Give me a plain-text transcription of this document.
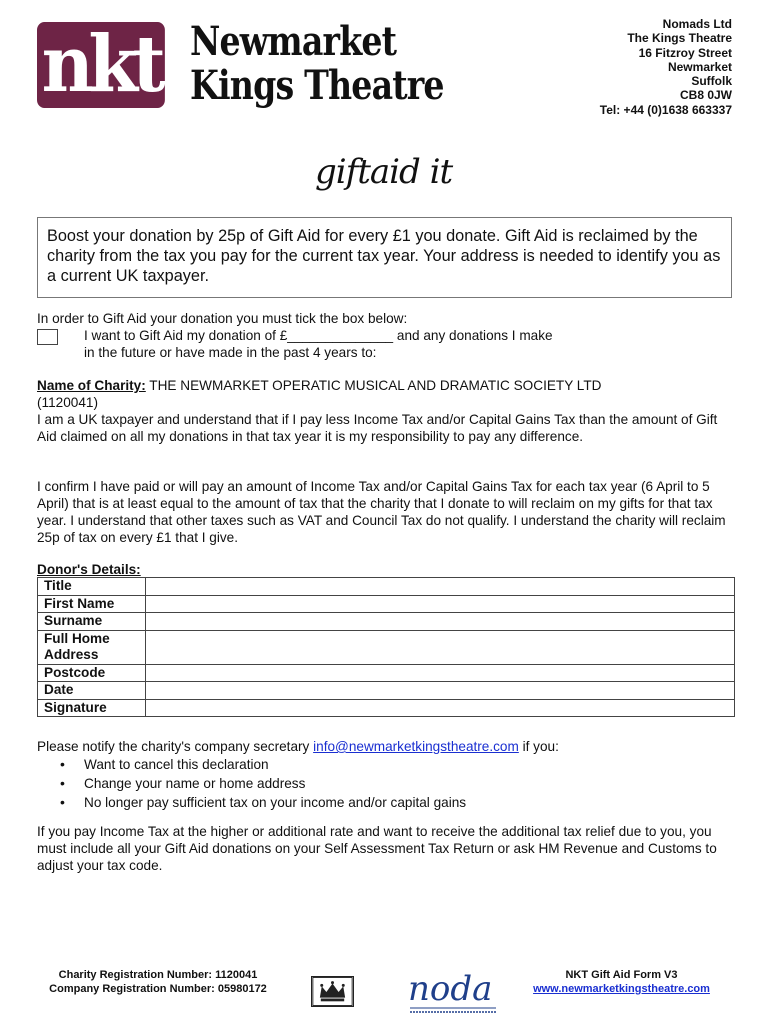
nkt Newmarket
Kings Theatre
Nomads Ltd
The Kings Theatre
16 Fitzroy Street
Newmarket
Suffolk
CB8 0JW
Tel: +44 (0)1638 663337
giftaid it
Boost your donation by 25p of Gift Aid for every £1 you donate. Gift Aid is reclaimed by the charity from the tax you pay for the current tax year. Your address is needed to identify you as a current UK taxpayer.
In order to Gift Aid your donation you must tick the box below:
I want to Gift Aid my donation of £______________ and any donations I make
in the future or have made in the past 4 years to:
Name of Charity: THE NEWMARKET OPERATIC MUSICAL AND DRAMATIC SOCIETY LTD
(1120041)
I am a UK taxpayer and understand that if I pay less Income Tax and/or Capital Gains Tax than the amount of Gift Aid claimed on all my donations in that tax year it is my responsibility to pay any difference.
I confirm I have paid or will pay an amount of Income Tax and/or Capital Gains Tax for each tax year (6 April to 5 April) that is at least equal to the amount of tax that the charity that I donate to will reclaim on my gifts for that tax year. I understand that other taxes such as VAT and Council Tax do not qualify. I understand the charity will reclaim 25p of tax on every £1 that I give.
Donor's Details:
Title	
First Name	
Surname	
Full Home Address	
Postcode	
Date	
Signature	
Please notify the charity's company secretary info@newmarketkingstheatre.com if you:
• Want to cancel this declaration
• Change your name or home address
• No longer pay sufficient tax on your income and/or capital gains
If you pay Income Tax at the higher or additional rate and want to receive the additional tax relief due to you, you must include all your Gift Aid donations on your Self Assessment Tax Return or ask HM Revenue and Customs to adjust your tax code.
Charity Registration Number: 1120041
Company Registration Number: 05980172	noda	NKT Gift Aid Form V3
www.newmarketkingstheatre.com
